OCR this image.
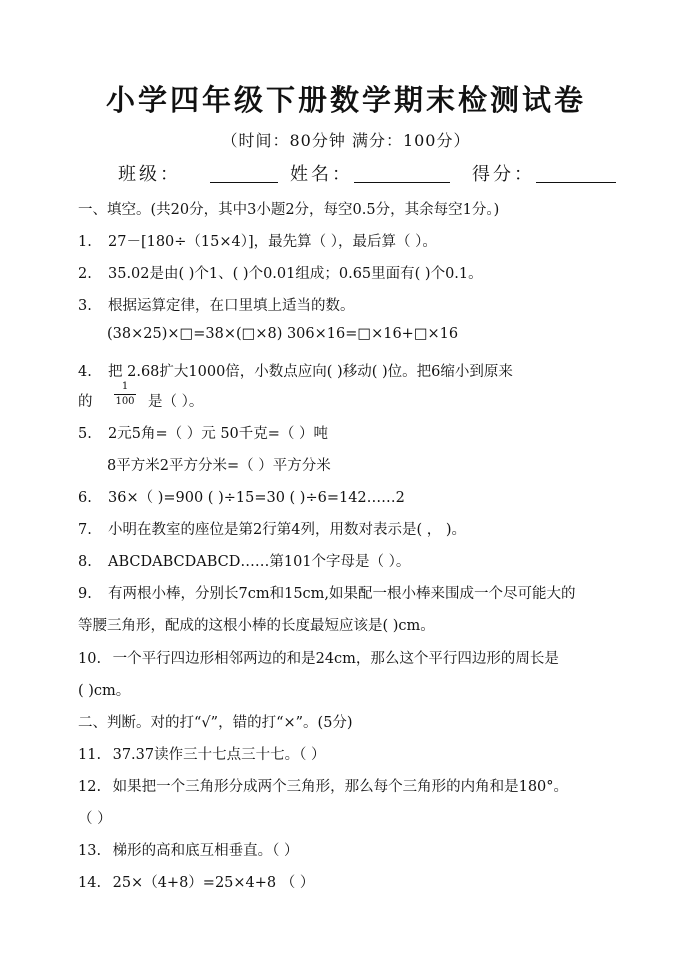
小学四年级下册数学期末检测试卷
（时间：80分钟 满分：100分）
班级：	姓名：	得分：
一、填空。(共20分，其中3小题2分，每空0.5分，其余每空1分。)
1. 27－[180÷（15×4）]，最先算（ ），最后算（ ）。
2. 35.02是由( )个1、( )个0.01组成；0.65里面有( )个0.1。
3. 根据运算定律，在口里填上适当的数。
(38×25)×□=38×(□×8) 306×16=□×16+□×16
4. 把 2.68扩大1000倍，小数点应向( )移动( )位。把6缩小到原来
的
1
100 是（ ）。
5. 2元5角=（ ）元 50千克=（ ）吨
8平方米2平方分米=（ ）平方分米
6. 36×（ )=900 ( )÷15=30 ( )÷6=142……2
7. 小明在教室的座位是第2行第4列，用数对表示是( ， )。
8. ABCDABCDABCD……第101个字母是（ ）。
9. 有两根小棒，分别长7cm和15cm,如果配一根小棒来围成一个尽可能大的
等腰三角形，配成的这根小棒的长度最短应该是( )cm。
10. 一个平行四边形相邻两边的和是24cm，那么这个平行四边形的周长是
( )cm。
二、判断。对的打“√”，错的打“×”。(5分)
11. 37.37读作三十七点三十七。（ ）
12. 如果把一个三角形分成两个三角形，那么每个三角形的内角和是180°。
（ ）
13. 梯形的高和底互相垂直。（ ）
14. 25×（4+8）=25×4+8 （ ）
